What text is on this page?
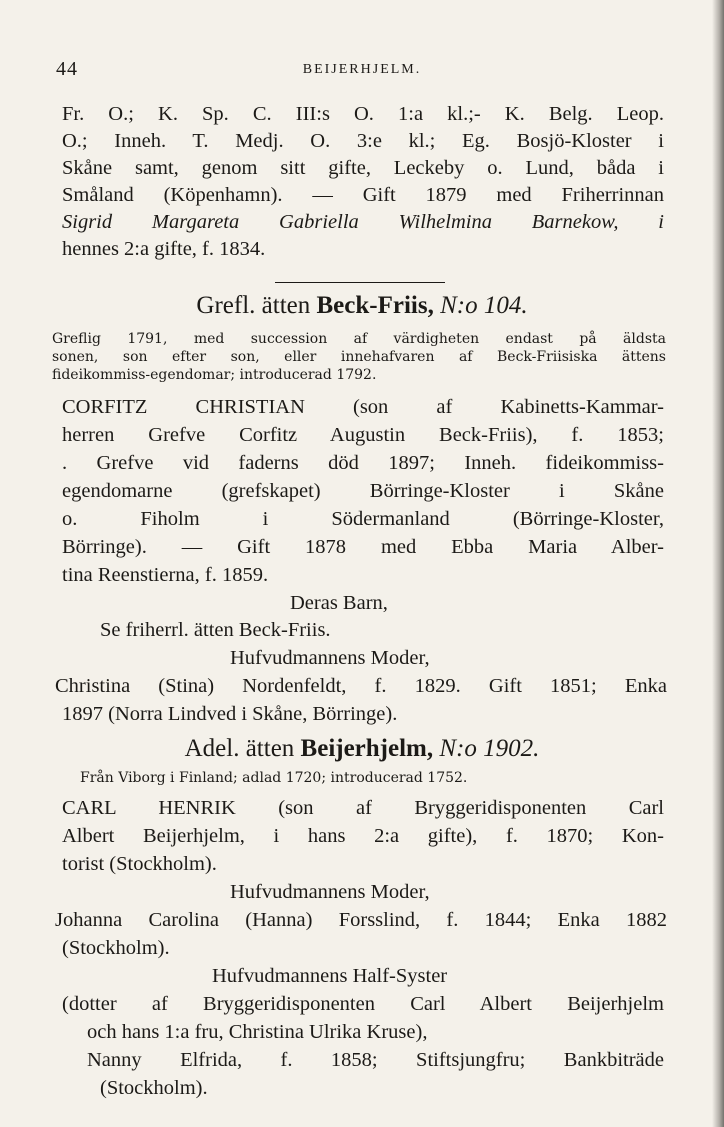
44	BEIJERHJELM.
Fr. O.; K. Sp. C. III:s O. 1:a kl.;- K. Belg. Leop.
O.; Inneh. T. Medj. O. 3:e kl.; Eg. Bosjö-Kloster i
Skåne samt, genom sitt gifte, Leckeby o. Lund, båda i
Småland (Köpenhamn). — Gift 1879 med Friherrinnan
Sigrid Margareta Gabriella Wilhelmina Barnekow, i
hennes 2:a gifte, f. 1834.
Grefl. ätten Beck-Friis, N:o 104.
Greflig 1791, med succession af värdigheten endast på äldsta
sonen, son efter son, eller innehafvaren af Beck-Friisiska ättens
fideikommiss-egendomar; introducerad 1792.
CORFITZ CHRISTIAN (son af Kabinetts-Kammar-
herren Grefve Corfitz Augustin Beck-Friis), f. 1853;
. Grefve vid faderns död 1897; Inneh. fideikommiss-
egendomarne (grefskapet) Börringe-Kloster i Skåne
o. Fiholm i Södermanland (Börringe-Kloster,
Börringe). — Gift 1878 med Ebba Maria Alber-
tina Reenstierna, f. 1859.
Deras Barn,
Se friherrl. ätten Beck-Friis.
Hufvudmannens Moder,
Christina (Stina) Nordenfeldt, f. 1829. Gift 1851; Enka
1897 (Norra Lindved i Skåne, Börringe).
Adel. ätten Beijerhjelm, N:o 1902.
Från Viborg i Finland; adlad 1720; introducerad 1752.
CARL HENRIK (son af Bryggeridisponenten Carl
Albert Beijerhjelm, i hans 2:a gifte), f. 1870; Kon-
torist (Stockholm).
Hufvudmannens Moder,
Johanna Carolina (Hanna) Forsslind, f. 1844; Enka 1882
(Stockholm).
Hufvudmannens Half-Syster
(dotter af Bryggeridisponenten Carl Albert Beijerhjelm
och hans 1:a fru, Christina Ulrika Kruse),
Nanny Elfrida, f. 1858; Stiftsjungfru; Bankbiträde
(Stockholm).
